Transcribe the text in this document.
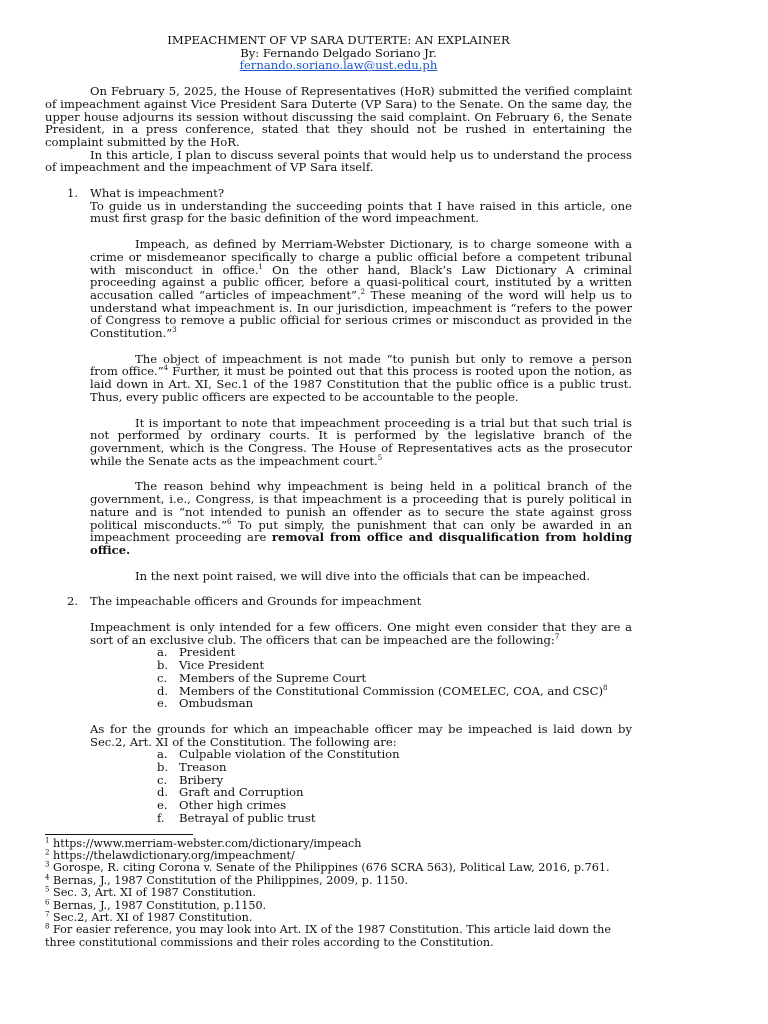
IMPEACHMENT OF VP SARA DUTERTE: AN EXPLAINER
By: Fernando Delgado Soriano Jr.
fernando.soriano.law@ust.edu.ph

On February 5, 2025, the House of Representatives (HoR) submitted the verified complaint of impeachment against Vice President Sara Duterte (VP Sara) to the Senate. On the same day, the upper house adjourns its session without discussing the said complaint. On February 6, the Senate President, in a press conference, stated that they should not be rushed in entertaining the complaint submitted by the HoR.

In this article, I plan to discuss several points that would help us to understand the process of impeachment and the impeachment of VP Sara itself.

1. What is impeachment?

To guide us in understanding the succeeding points that I have raised in this article, one must first grasp for the basic definition of the word impeachment.

Impeach, as defined by Merriam-Webster Dictionary, is to charge someone with a crime or misdemeanor specifically to charge a public official before a competent tribunal with misconduct in office.$^1$ On the other hand, Black’s Law Dictionary A criminal proceeding against a public officer, before a quasi-political court, instituted by a written accusation called “articles of impeachment”.$^2$ These meaning of the word will help us to understand what impeachment is. In our jurisdiction, impeachment is “refers to the power of Congress to remove a public official for serious crimes or misconduct as provided in the Constitution.”$^3$

The object of impeachment is not made “to punish but only to remove a person from office.”$^4$ Further, it must be pointed out that this process is rooted upon the notion, as laid down in Art. XI, Sec.1 of the 1987 Constitution that the public office is a public trust. Thus, every public officers are expected to be accountable to the people.

It is important to note that impeachment proceeding is a trial but that such trial is not performed by ordinary courts. It is performed by the legislative branch of the government, which is the Congress. The House of Representatives acts as the prosecutor while the Senate acts as the impeachment court.$^5$

The reason behind why impeachment is being held in a political branch of the government, i.e., Congress, is that impeachment is a proceeding that is purely political in nature and is “not intended to punish an offender as to secure the state against gross political misconducts.”$^6$ To put simply, the punishment that can only be awarded in an impeachment proceeding are removal from office and disqualification from holding office.

In the next point raised, we will dive into the officials that can be impeached.

2. The impeachable officers and Grounds for impeachment

Impeachment is only intended for a few officers. One might even consider that they are a sort of an exclusive club. The officers that can be impeached are the following:$^7$

a. President
b. Vice President
c. Members of the Supreme Court
d. Members of the Constitutional Commission (COMELEC, COA, and CSC)$^8$
e. Ombudsman

As for the grounds for which an impeachable officer may be impeached is laid down by Sec.2, Art. XI of the Constitution. The following are:

a. Culpable violation of the Constitution
b. Treason
c. Bribery
d. Graft and Corruption
e. Other high crimes
f. Betrayal of public trust
$^1$ https://www.merriam-webster.com/dictionary/impeach
$^2$ https://thelawdictionary.org/impeachment/
$^3$ Gorospe, R. citing Corona v. Senate of the Philippines (676 SCRA 563), Political Law, 2016, p.761.
$^4$ Bernas, J., 1987 Constitution of the Philippines, 2009, p. 1150.
$^5$ Sec. 3, Art. XI of 1987 Constitution.
$^6$ Bernas, J., 1987 Constitution, p.1150.
$^7$ Sec.2, Art. XI of 1987 Constitution.
$^8$ For easier reference, you may look into Art. IX of the 1987 Constitution. This article laid down the three constitutional commissions and their roles according to the Constitution.
